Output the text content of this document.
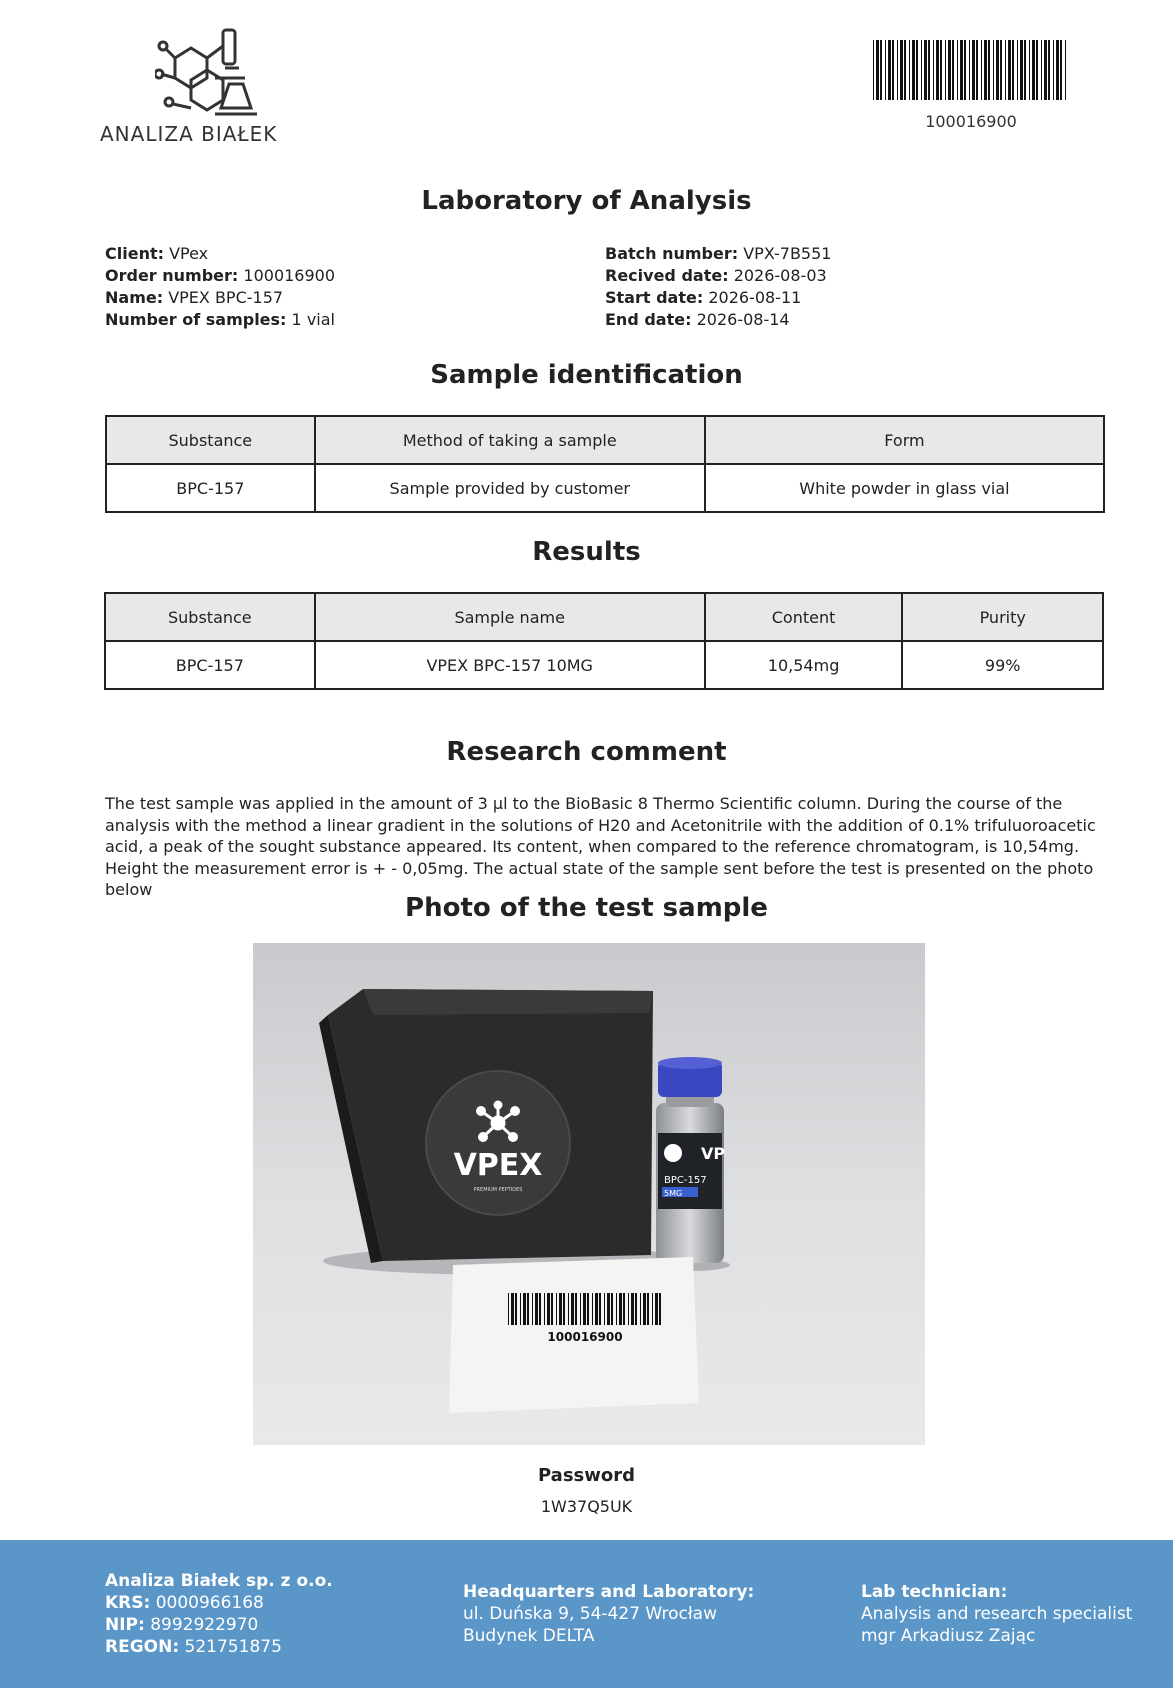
ANALIZA BIAŁEK
100016900
Laboratory of Analysis
Client: VPex
Order number: 100016900
Name: VPEX BPC-157
Number of samples: 1 vial
Batch number: VPX-7B551
Recived date: 2026-08-03
Start date: 2026-08-11
End date: 2026-08-14
Sample identification
Substance	Method of taking a sample	Form
BPC-157	Sample provided by customer	White powder in glass vial
Results
Substance	Sample name	Content	Purity
BPC-157	VPEX BPC-157 10MG	10,54mg	99%
Research comment
The test sample was applied in the amount of 3 µl to the BioBasic 8 Thermo Scientific column. During the course of the analysis with the method a linear gradient in the solutions of H20 and Acetonitrile with the addition of 0.1% trifuluoroacetic acid, a peak of the sought substance appeared. Its content, when compared to the reference chromatogram, is 10,54mg. Height the measurement error is + - 0,05mg. The actual state of the sample sent before the test is presented on the photo below
Photo of the test sample
VPEX
PREMIUM PEPTIDES
VP
BPC-157
5MG
100016900
Password
1W37Q5UK
Analiza Białek sp. z o.o.
KRS: 0000966168
NIP: 8992922970
REGON: 521751875
Headquarters and Laboratory:
ul. Duńska 9, 54-427 Wrocław
Budynek DELTA
Lab technician:
Analysis and research specialist
mgr Arkadiusz Zając
